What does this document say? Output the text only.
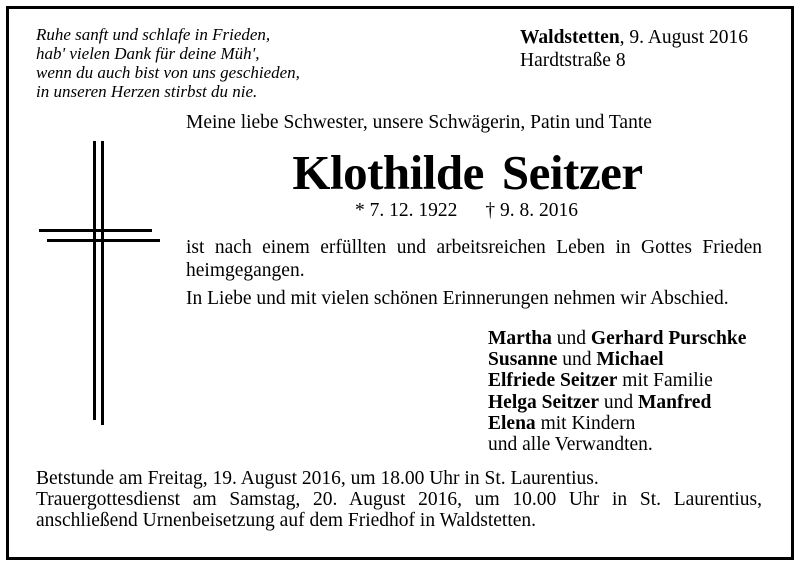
Ruhe sanft und schlafe in Frieden,
hab' vielen Dank für deine Müh',
wenn du auch bist von uns geschieden,
in unseren Herzen stirbst du nie.
Waldstetten, 9. August 2016
Hardtstraße 8
Meine liebe Schwester, unsere Schwägerin, Patin und Tante
Klothilde Seitzer
* 7. 12. 1922 † 9. 8. 2016
ist nach einem erfüllten und arbeitsreichen Leben in Gottes Frieden heimgegangen.
In Liebe und mit vielen schönen Erinnerungen nehmen wir Abschied.
Martha und Gerhard Purschke
Susanne und Michael
Elfriede Seitzer mit Familie
Helga Seitzer und Manfred
Elena mit Kindern
und alle Verwandten.
Betstunde am Freitag, 19. August 2016, um 18.00 Uhr in St. Laurentius.
Trauergottesdienst am Samstag, 20. August 2016, um 10.00 Uhr in St. Laurentius,
anschließend Urnenbeisetzung auf dem Friedhof in Waldstetten.
